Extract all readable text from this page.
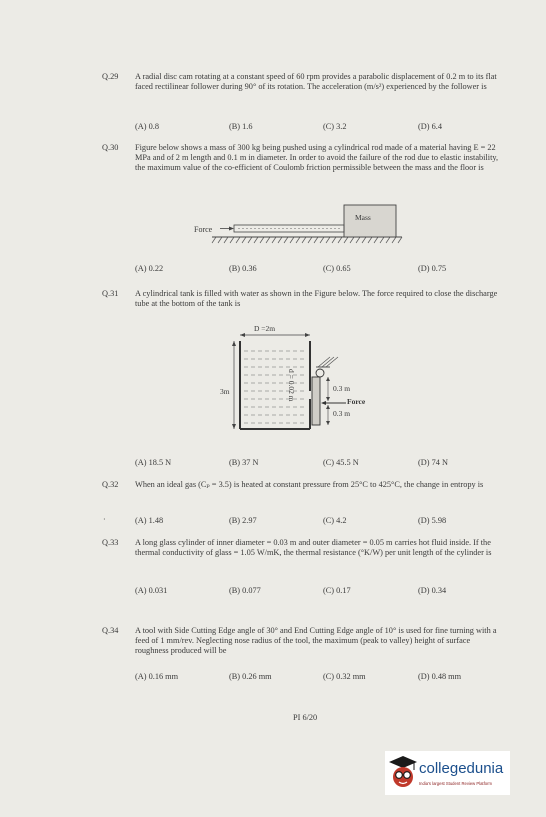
Q.29 A radial disc cam rotating at a constant speed of 60 rpm provides a parabolic displacement of 0.2 m to its flat faced rectilinear follower during 90° of its rotation. The acceleration (m/s²) experienced by the follower is
(A) 0.8	(B) 1.6	(C) 3.2	(D) 6.4
Q.30 Figure below shows a mass of 300 kg being pushed using a cylindrical rod made of a material having E = 22 MPa and of 2 m length and 0.1 m in diameter. In order to avoid the failure of the rod due to elastic instability, the maximum value of the co-efficient of Coulomb friction permissible between the mass and the floor is
Force
Mass
(A) 0.22	(B) 0.36	(C) 0.65	(D) 0.75
Q.31 A cylindrical tank is filled with water as shown in the Figure below. The force required to close the discharge tube at the bottom of the tank is
D =2m
3m	d = 0.02 m	0.3 m
Force
0.3 m
(A) 18.5 N	(B) 37 N	(C) 45.5 N	(D) 74 N
Q.32 When an ideal gas (Cₚ = 3.5) is heated at constant pressure from 25°C to 425°C, the change in entropy is
·	(A) 1.48	(B) 2.97	(C) 4.2	(D) 5.98
Q.33 A long glass cylinder of inner diameter = 0.03 m and outer diameter = 0.05 m carries hot fluid inside. If the thermal conductivity of glass = 1.05 W/mK, the thermal resistance (°K/W) per unit length of the cylinder is
(A) 0.031	(B) 0.077	(C) 0.17	(D) 0.34
Q.34 A tool with Side Cutting Edge angle of 30° and End Cutting Edge angle of 10° is used for fine turning with a feed of 1 mm/rev. Neglecting nose radius of the tool, the maximum (peak to valley) height of surface roughness produced will be
(A) 0.16 mm	(B) 0.26 mm	(C) 0.32 mm	(D) 0.48 mm
PI 6/20
collegedunia
India's largest Student Review Platform
